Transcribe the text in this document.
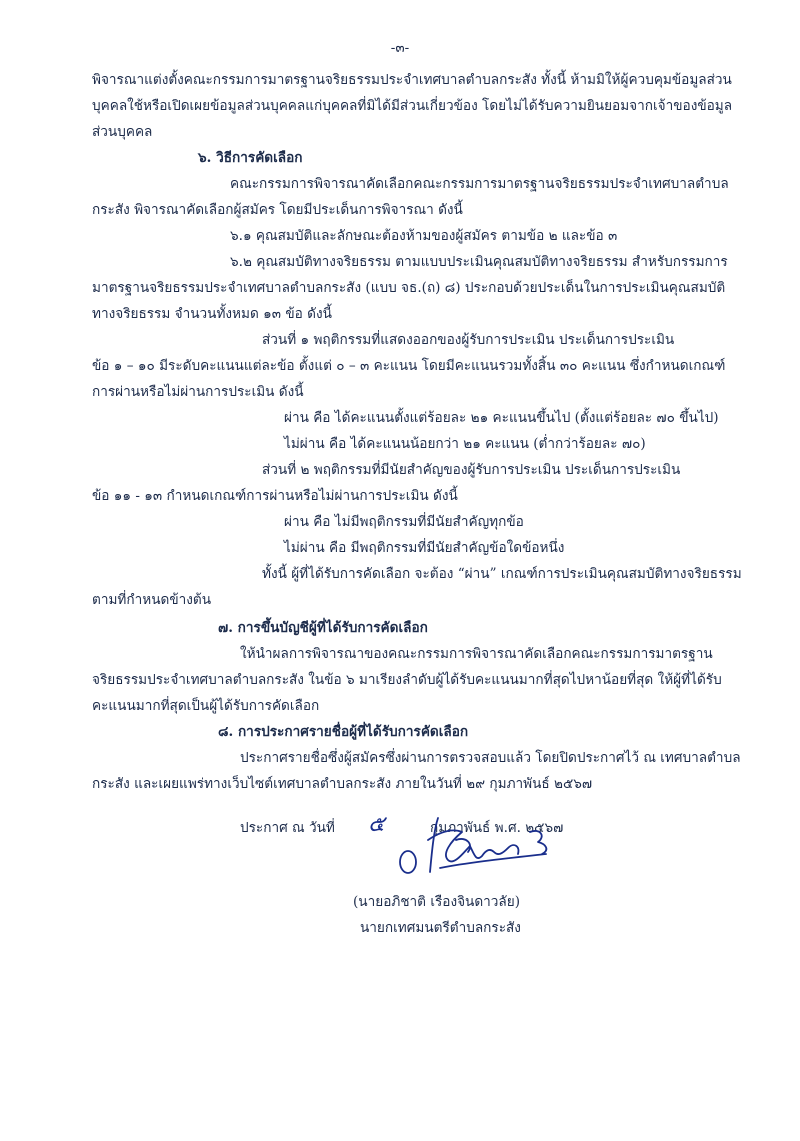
-๓-
พิจารณาแต่งตั้งคณะกรรมการมาตรฐานจริยธรรมประจำเทศบาลตำบลกระสัง ทั้งนี้ ห้ามมิให้ผู้ควบคุมข้อมูลส่วน
บุคคลใช้หรือเปิดเผยข้อมูลส่วนบุคคลแก่บุคคลที่มิได้มีส่วนเกี่ยวข้อง โดยไม่ได้รับความยินยอมจากเจ้าของข้อมูล
ส่วนบุคคล
๖. วิธีการคัดเลือก
คณะกรรมการพิจารณาคัดเลือกคณะกรรมการมาตรฐานจริยธรรมประจำเทศบาลตำบล
กระสัง พิจารณาคัดเลือกผู้สมัคร โดยมีประเด็นการพิจารณา ดังนี้
๖.๑ คุณสมบัติและลักษณะต้องห้ามของผู้สมัคร ตามข้อ ๒ และข้อ ๓
๖.๒ คุณสมบัติทางจริยธรรม ตามแบบประเมินคุณสมบัติทางจริยธรรม สำหรับกรรมการ
มาตรฐานจริยธรรมประจำเทศบาลตำบลกระสัง (แบบ จธ.(ถ) ๘) ประกอบด้วยประเด็นในการประเมินคุณสมบัติ
ทางจริยธรรม จำนวนทั้งหมด ๑๓ ข้อ ดังนี้
ส่วนที่ ๑ พฤติกรรมที่แสดงออกของผู้รับการประเมิน ประเด็นการประเมิน
ข้อ ๑ – ๑๐ มีระดับคะแนนแต่ละข้อ ตั้งแต่ ๐ – ๓ คะแนน โดยมีคะแนนรวมทั้งสิ้น ๓๐ คะแนน ซึ่งกำหนดเกณฑ์
การผ่านหรือไม่ผ่านการประเมิน ดังนี้
ผ่าน คือ ได้คะแนนตั้งแต่ร้อยละ ๒๑ คะแนนขึ้นไป (ตั้งแต่ร้อยละ ๗๐ ขึ้นไป)
ไม่ผ่าน คือ ได้คะแนนน้อยกว่า ๒๑ คะแนน (ต่ำกว่าร้อยละ ๗๐)
ส่วนที่ ๒ พฤติกรรมที่มีนัยสำคัญของผู้รับการประเมิน ประเด็นการประเมิน
ข้อ ๑๑ - ๑๓ กำหนดเกณฑ์การผ่านหรือไม่ผ่านการประเมิน ดังนี้
ผ่าน คือ ไม่มีพฤติกรรมที่มีนัยสำคัญทุกข้อ
ไม่ผ่าน คือ มีพฤติกรรมที่มีนัยสำคัญข้อใดข้อหนึ่ง
ทั้งนี้ ผู้ที่ได้รับการคัดเลือก จะต้อง “ผ่าน” เกณฑ์การประเมินคุณสมบัติทางจริยธรรม
ตามที่กำหนดข้างต้น
๗. การขึ้นบัญชีผู้ที่ได้รับการคัดเลือก
ให้นำผลการพิจารณาของคณะกรรมการพิจารณาคัดเลือกคณะกรรมการมาตรฐาน
จริยธรรมประจำเทศบาลตำบลกระสัง ในข้อ ๖ มาเรียงลำดับผู้ได้รับคะแนนมากที่สุดไปหาน้อยที่สุด ให้ผู้ที่ได้รับ
คะแนนมากที่สุดเป็นผู้ได้รับการคัดเลือก
๘. การประกาศรายชื่อผู้ที่ได้รับการคัดเลือก
ประกาศรายชื่อซึ่งผู้สมัครซึ่งผ่านการตรวจสอบแล้ว โดยปิดประกาศไว้ ณ เทศบาลตำบล
กระสัง และเผยแพร่ทางเว็บไซต์เทศบาลตำบลกระสัง ภายในวันที่ ๒๙ กุมภาพันธ์ ๒๕๖๗
ประกาศ ณ วันที่ ๕	กุมภาพันธ์ พ.ศ. ๒๕๖๗
(นายอภิชาติ เรืองจินดาวลัย)
นายกเทศมนตรีตำบลกระสัง
